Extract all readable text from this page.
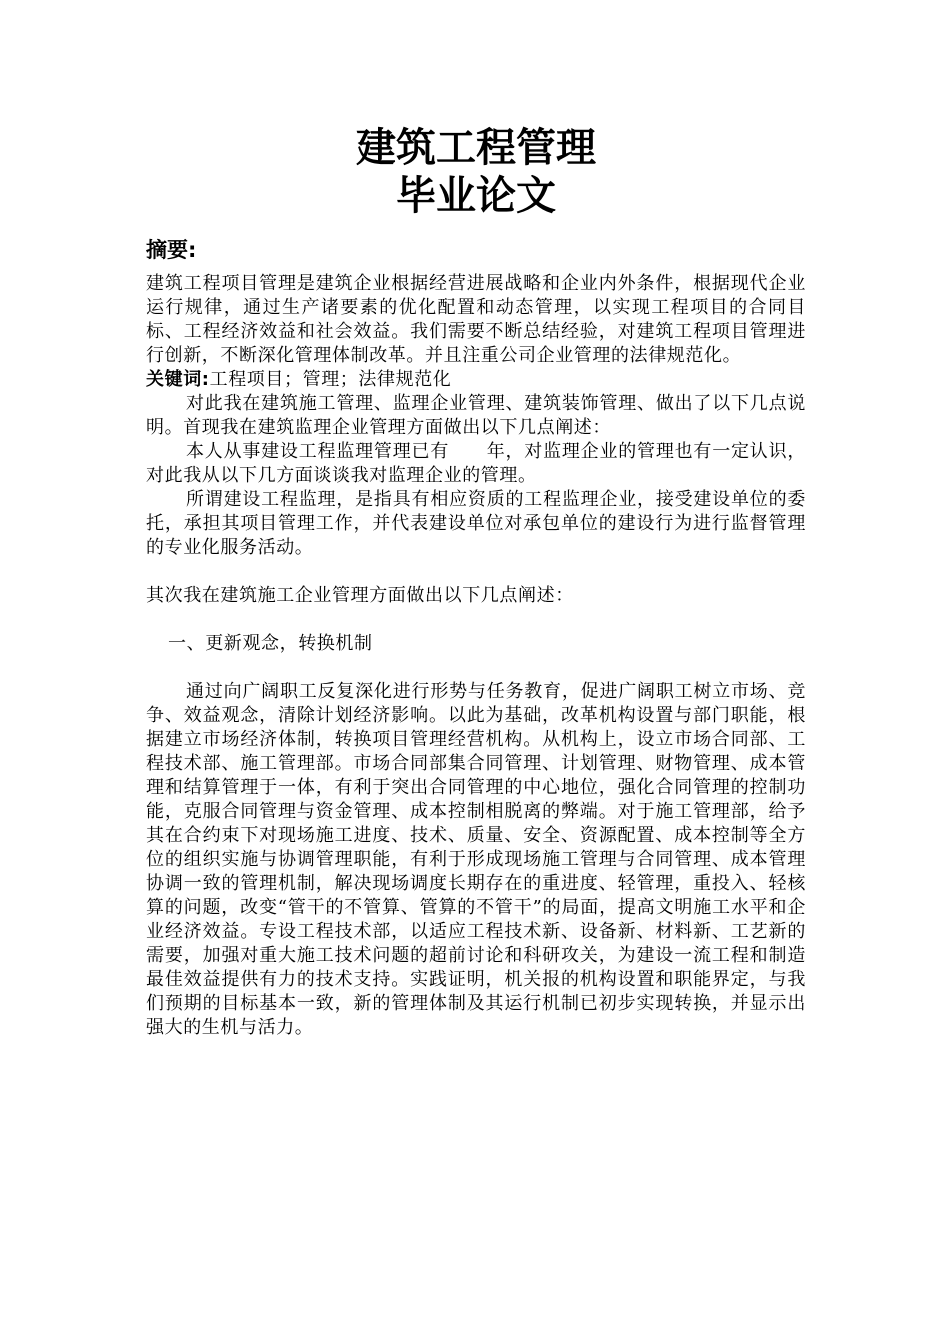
建筑工程管理
毕业论文
摘要:

建筑工程项目管理是建筑企业根据经营进展战略和企业内外条件，根据现代企业运行规律，通过生产诸要素的优化配置和动态管理，以实现工程项目的合同目标、工程经济效益和社会效益。我们需要不断总结经验，对建筑工程项目管理进行创新，不断深化管理体制改革。并且注重公司企业管理的法律规范化。

关键词:工程项目；管理；法律规范化

对此我在建筑施工管理、监理企业管理、建筑装饰管理、做出了以下几点说明。首现我在建筑监理企业管理方面做出以下几点阐述：

本人从事建设工程监理管理已有　　年，对监理企业的管理也有一定认识，对此我从以下几方面谈谈我对监理企业的管理。

所谓建设工程监理，是指具有相应资质的工程监理企业，接受建设单位的委托，承担其项目管理工作，并代表建设单位对承包单位的建设行为进行监督管理的专业化服务活动。

其次我在建筑施工企业管理方面做出以下几点阐述：

一、更新观念，转换机制

通过向广阔职工反复深化进行形势与任务教育，促进广阔职工树立市场、竞争、效益观念，清除计划经济影响。以此为基础，改革机构设置与部门职能，根据建立市场经济体制，转换项目管理经营机构。从机构上，设立市场合同部、工程技术部、施工管理部。市场合同部集合同管理、计划管理、财物管理、成本管理和结算管理于一体，有利于突出合同管理的中心地位，强化合同管理的控制功能，克服合同管理与资金管理、成本控制相脱离的弊端。对于施工管理部，给予其在合约束下对现场施工进度、技术、质量、安全、资源配置、成本控制等全方位的组织实施与协调管理职能，有利于形成现场施工管理与合同管理、成本管理协调一致的管理机制，解决现场调度长期存在的重进度、轻管理，重投入、轻核算的问题，改变“管干的不管算、管算的不管干”的局面，提高文明施工水平和企业经济效益。专设工程技术部，以适应工程技术新、设备新、材料新、工艺新的需要，加强对重大施工技术问题的超前讨论和科研攻关，为建设一流工程和制造最佳效益提供有力的技术支持。实践证明，机关报的机构设置和职能界定，与我们预期的目标基本一致，新的管理体制及其运行机制已初步实现转换，并显示出强大的生机与活力。
